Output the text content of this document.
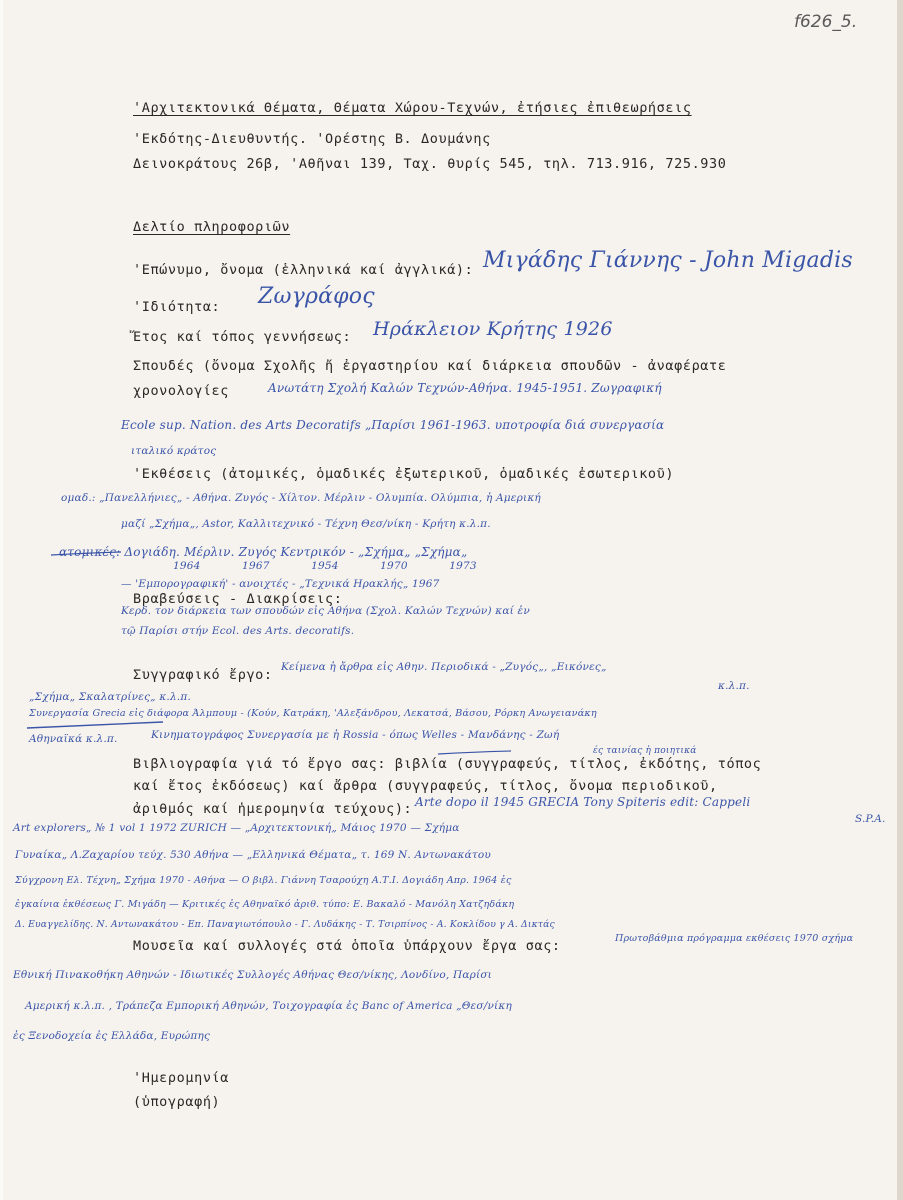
f626_5.
'Αρχιτεκτονικά Θέματα, Θέματα Χώρου-Τεχνών, ἐτήσιες ἐπιθεωρήσεις
'Εκδότης-Διευθυντής. 'Ορέστης Β. Δουμάνης
Δεινοκράτους 26β, 'Αθῆναι 139, Ταχ. θυρίς 545, τηλ. 713.916, 725.930
Δελτίο πληροφοριῶν
'Επώνυμο, ὄνομα (ἑλληνικά καί ἀγγλικά): Μιγάδης Γιάννης - John Migadis
'Ιδιότητα: Ζωγράφος
Ἔτος καί τόπος γεννήσεως: Ηράκλειον Κρήτης 1926
Σπουδές (ὄνομα Σχολῆς ἤ ἐργαστηρίου καί διάρκεια σπουδῶν - ἀναφέρατε
χρονολογίες	Ανωτάτη Σχολή Καλών Τεχνών-Αθήνα. 1945-1951. Ζωγραφική
Ecole sup. Nation. des Arts Decoratifs „Παρίσι 1961-1963. υποτροφία διά συνεργασία
ιταλικό κράτος
'Εκθέσεις (ἀτομικές, ὁμαδικές ἐξωτερικοῦ, ὁμαδικές ἐσωτερικοῦ)
ομαδ.: „Πανελλήνιες„ - Αθήνα. Ζυγός - Χίλτον. Μέρλιν - Ολυμπία. Ολύμπια, ἡ Αμερική
μαζί „Σχήμα„, Astor, Καλλιτεχνικό - Τέχνη Θεσ/νίκη - Κρήτη κ.λ.π.
ατομικές: Δογιάδη. Μέρλιν. Ζυγός Κεντρικόν - „Σχήμα„ „Σχήμα„
1964 1967 1954 1970 1973
— 'Εμπορογραφική' - ανοιχτές - „Τεχνικά Ηρακλής„ 1967
Βραβεύσεις - Διακρίσεις:
Κερδ. τον διάρκεια των σπουδών εἰς Αθήνα (Σχολ. Καλών Τεχνών) καί ἐν
τῷ Παρίσι στήν Ecol. des Arts. decoratifs.
Συγγραφικό ἔργο: Κείμενα ἡ ἄρθρα εἰς Αθην. Περιοδικά - „Ζυγός„, „Εικόνες„
κ.λ.π.
„Σχήμα„ Σκαλατρίνες„ κ.λ.π.
Συνεργασία Grecia εἰς διάφορα Άλμπουμ - (Κούν, Κατράκη, 'Αλεξάνδρου, Λεκατσά, Βάσου, Ρόρκη Ανωγειανάκη
Αθηναϊκά κ.λ.π.	Κινηματογράφος Συνεργασία με ἡ Rossia - όπως Welles - Μανδάνης - Ζωή
ές ταινίας ἡ ποιητικά
Βιβλιογραφία γιά τό ἔργο σας: βιβλία (συγγραφεύς, τίτλος, ἐκδότης, τόπος
καί ἔτος ἐκδόσεως) καί ἄρθρα (συγγραφεύς, τίτλος, ὄνομα περιοδικοῦ,
ἀριθμός καί ἡμερομηνία τεύχους): Arte dopo il 1945 GRECIA Tony Spiteris edit: Cappeli
S.P.A.
Art explorers„ № 1 vol 1 1972 ZURICH — „Αρχιτεκτονική„ Μάιος 1970 — Σχήμα
Γυναίκα„ Λ.Ζαχαρίου τεύχ. 530 Αθήνα — „Ελληνικά Θέματα„ τ. 169 Ν. Αντωνακάτου
Σύγχρονη Ελ. Τέχνη„ Σχήμα 1970 - Αθήνα — Ο βιβλ. Γιάννη Τσαρούχη Α.Τ.Ι. Δογιάδη Απρ. 1964 ἐς
ἐγκαίνια ἐκθέσεως Γ. Μιγάδη — Κριτικές ἐς Αθηναϊκό ἀριθ. τύπο: Ε. Βακαλό - Μανόλη Χατζηδάκη
Δ. Ευαγγελίδης. Ν. Αντωνακάτου - Επ. Παναγιωτόπουλο - Γ. Λυδάκης - Τ. Τσιρπίνος - Α. Κοκλίδου γ Α. Δικτάς
Μουσεῖα καί συλλογές στά ὁποῖα ὑπάρχουν ἔργα σας:	Πρωτοβάθμια πρόγραμμα εκθέσεις 1970 σχήμα
Εθνική Πινακοθήκη Αθηνών - Ιδιωτικές Συλλογές Αθήνας Θεσ/νίκης, Λονδίνο, Παρίσι
Αμερική κ.λ.π. , Τράπεζα Εμπορική Αθηνών, Τοιχογραφία ἐς Banc of America „Θεσ/νίκη
ἐς Ξενοδοχεία ἐς Ελλάδα, Ευρώπης
'Ημερομηνία
(ὑπογραφή)
